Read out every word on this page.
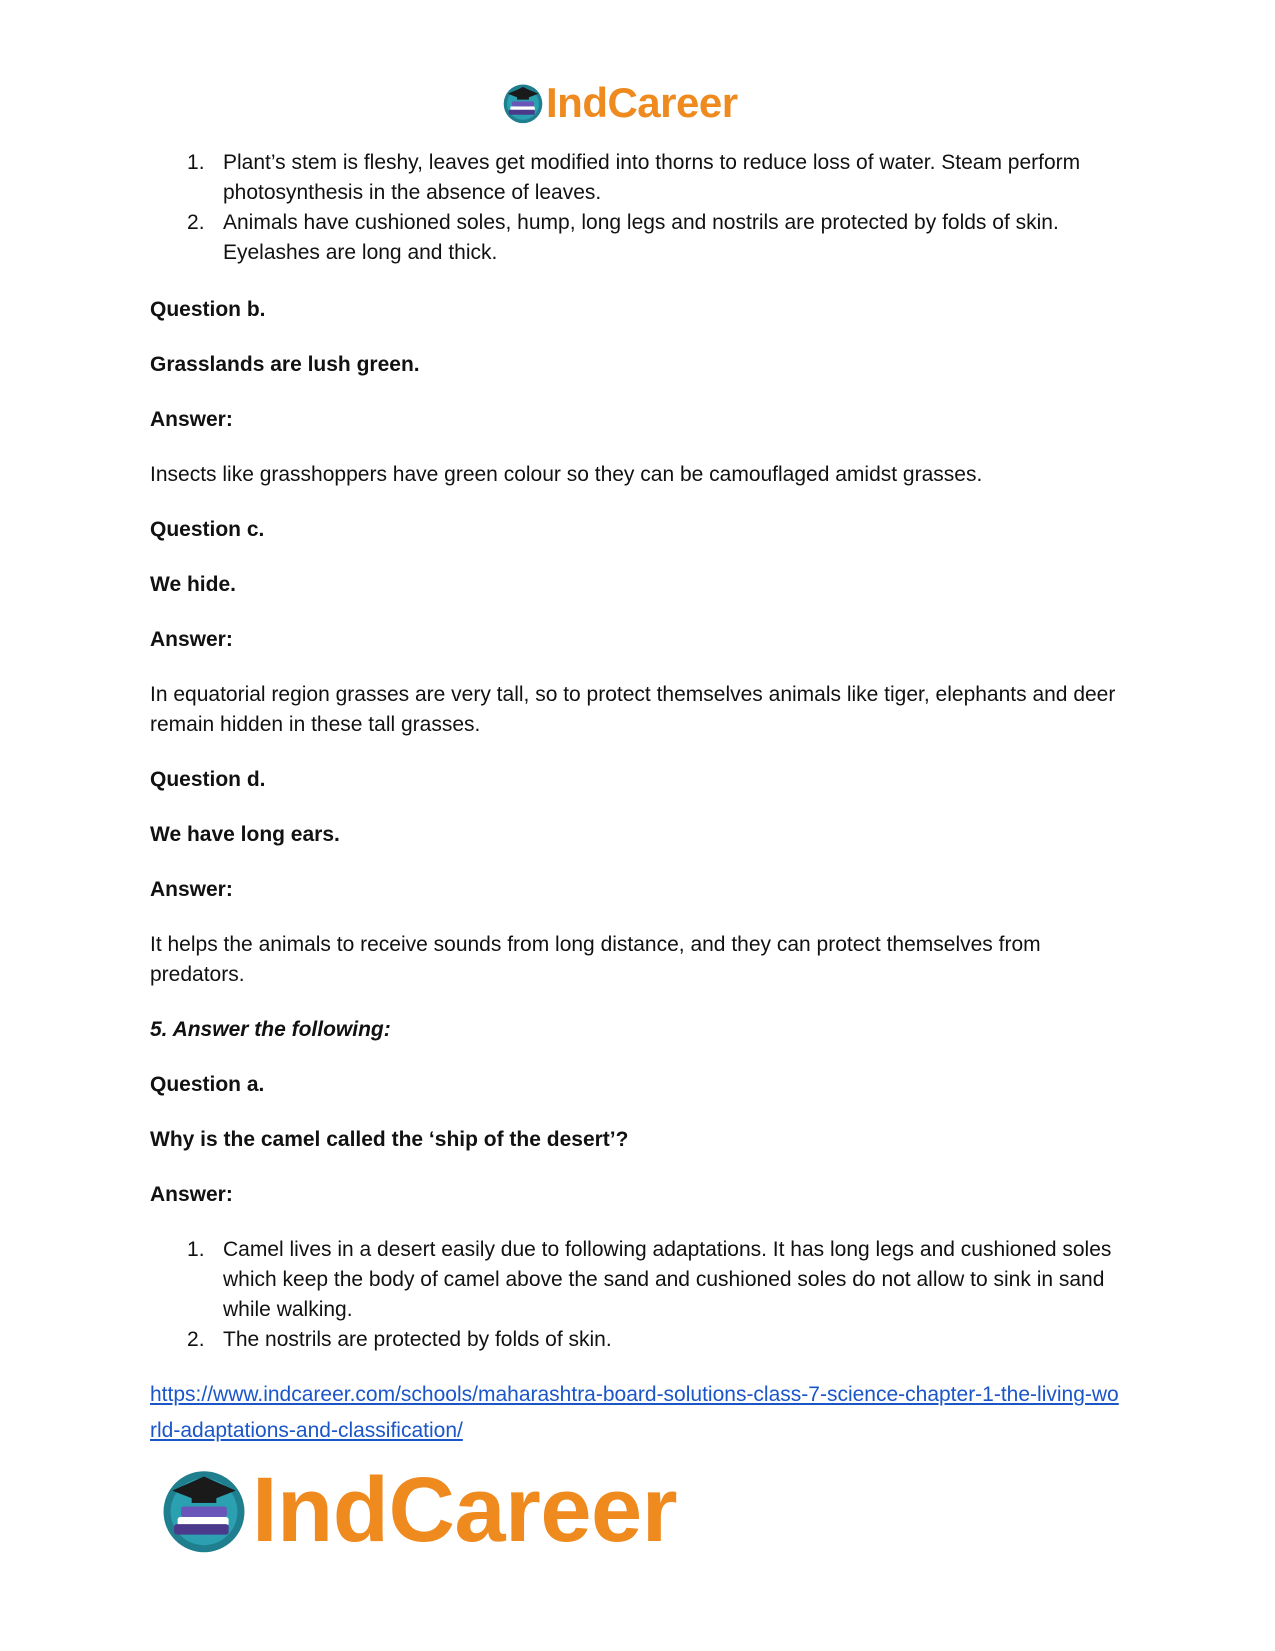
IndCareer
Plant’s stem is fleshy, leaves get modified into thorns to reduce loss of water. Steam perform photosynthesis in the absence of leaves.
Animals have cushioned soles, hump, long legs and nostrils are protected by folds of skin. Eyelashes are long and thick.

Question b.

Grasslands are lush green.

Answer:

Insects like grasshoppers have green colour so they can be camouflaged amidst grasses.

Question c.

We hide.

Answer:

In equatorial region grasses are very tall, so to protect themselves animals like tiger, elephants and deer remain hidden in these tall grasses.

Question d.

We have long ears.

Answer:

It helps the animals to receive sounds from long distance, and they can protect themselves from predators.

5. Answer the following:

Question a.

Why is the camel called the ‘ship of the desert’?

Answer:

Camel lives in a desert easily due to following adaptations. It has long legs and cushioned soles which keep the body of camel above the sand and cushioned soles do not allow to sink in sand while walking.
The nostrils are protected by folds of skin.
https://www.indcareer.com/schools/maharashtra-board-solutions-class-7-science-chapter-1-the-living-world-adaptations-and-classification/
IndCareer
